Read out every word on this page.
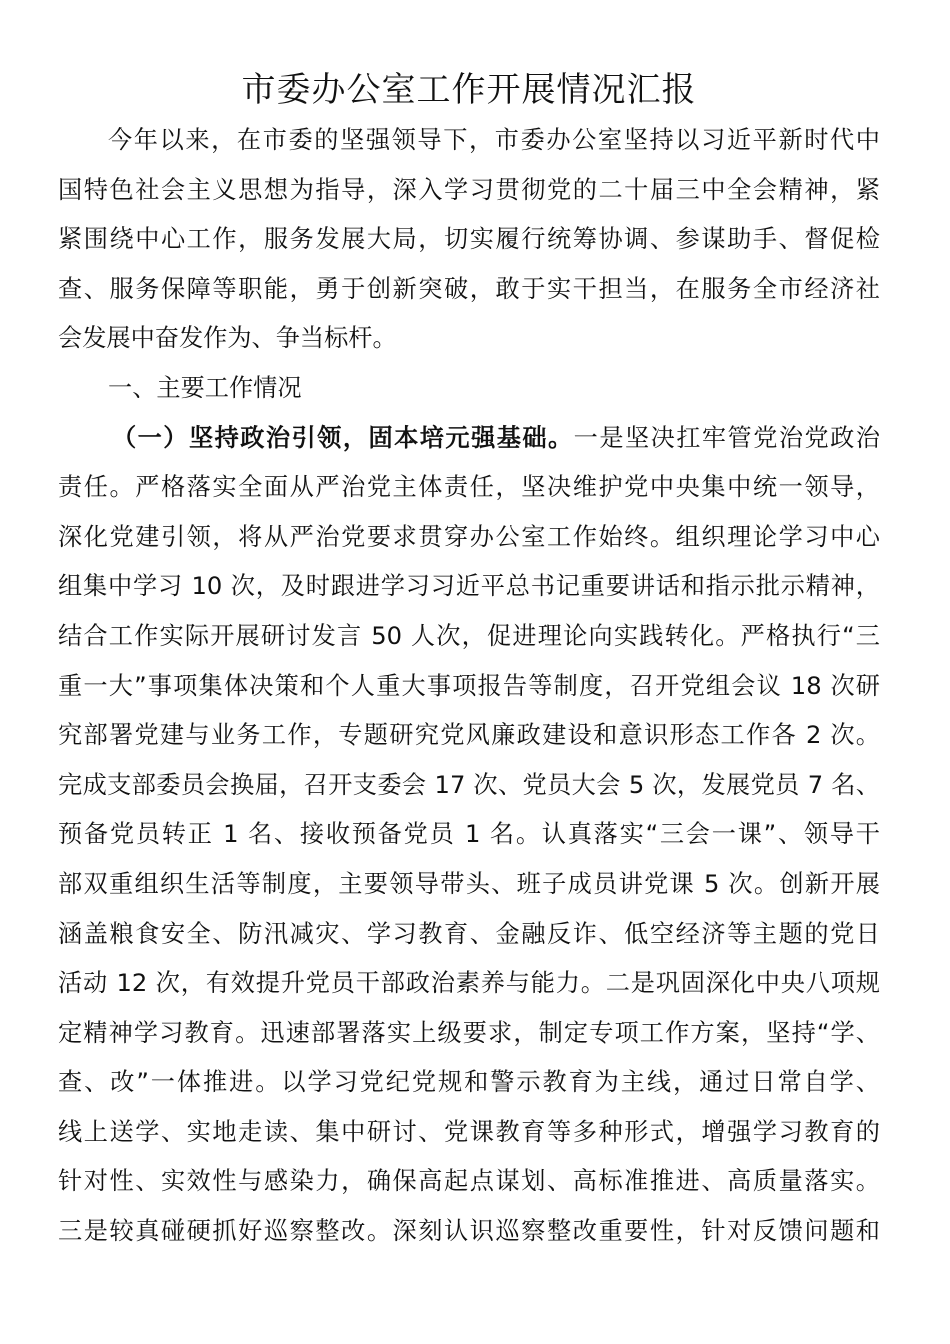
市委办公室工作开展情况汇报
今年以来，在市委的坚强领导下，市委办公室坚持以习近平新时代中
国特色社会主义思想为指导，深入学习贯彻党的二十届三中全会精神，紧
紧围绕中心工作，服务发展大局，切实履行统筹协调、参谋助手、督促检
查、服务保障等职能，勇于创新突破，敢于实干担当，在服务全市经济社
会发展中奋发作为、争当标杆。
一、主要工作情况
（一）坚持政治引领，固本培元强基础。一是坚决扛牢管党治党政治
责任。严格落实全面从严治党主体责任，坚决维护党中央集中统一领导，
深化党建引领，将从严治党要求贯穿办公室工作始终。组织理论学习中心
组集中学习 10 次，及时跟进学习习近平总书记重要讲话和指示批示精神，
结合工作实际开展研讨发言 50 人次，促进理论向实践转化。严格执行“三
重一大”事项集体决策和个人重大事项报告等制度，召开党组会议 18 次研
究部署党建与业务工作，专题研究党风廉政建设和意识形态工作各 2 次。
完成支部委员会换届，召开支委会 17 次、党员大会 5 次，发展党员 7 名、
预备党员转正 1 名、接收预备党员 1 名。认真落实“三会一课”、领导干
部双重组织生活等制度，主要领导带头、班子成员讲党课 5 次。创新开展
涵盖粮食安全、防汛减灾、学习教育、金融反诈、低空经济等主题的党日
活动 12 次，有效提升党员干部政治素养与能力。二是巩固深化中央八项规
定精神学习教育。迅速部署落实上级要求，制定专项工作方案，坚持“学、
查、改”一体推进。以学习党纪党规和警示教育为主线，通过日常自学、
线上送学、实地走读、集中研讨、党课教育等多种形式，增强学习教育的
针对性、实效性与感染力，确保高起点谋划、高标准推进、高质量落实。
三是较真碰硬抓好巡察整改。深刻认识巡察整改重要性，针对反馈问题和
